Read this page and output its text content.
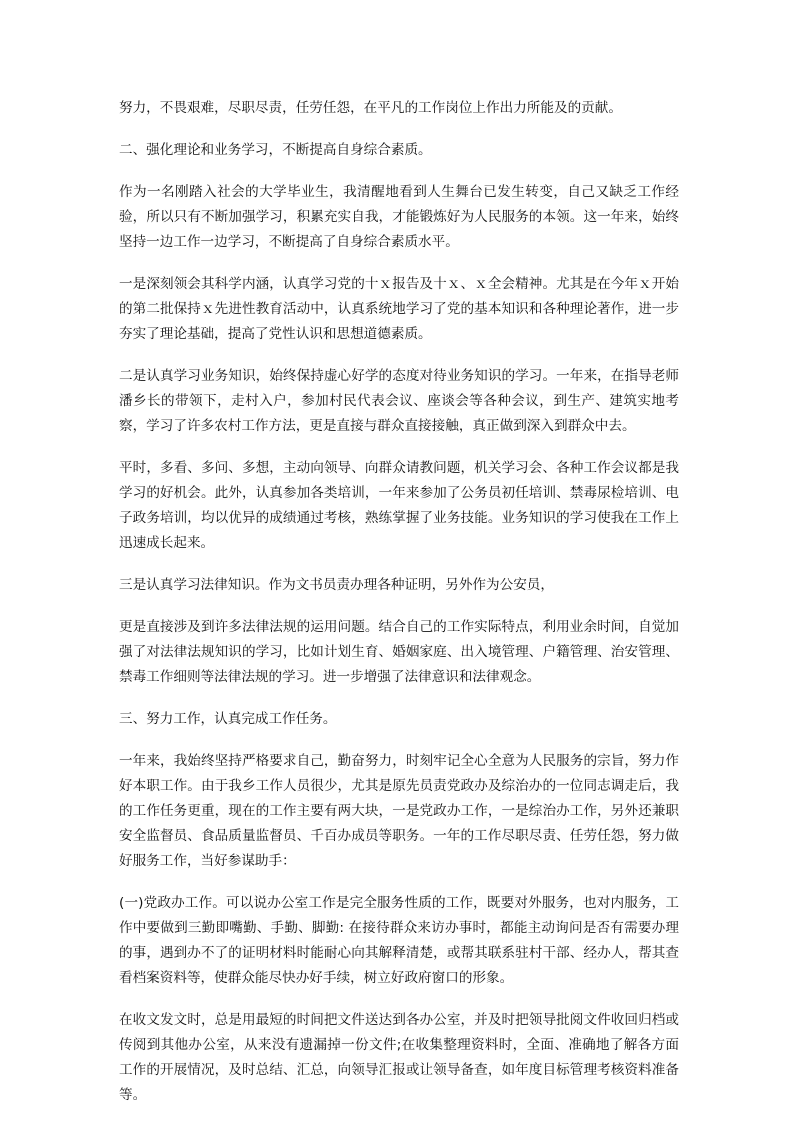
努力，不畏艰难，尽职尽责，任劳任怨，在平凡的工作岗位上作出力所能及的贡献。

二、强化理论和业务学习，不断提高自身综合素质。

作为一名刚踏入社会的大学毕业生，我清醒地看到人生舞台已发生转变，自己又缺乏工作经验，所以只有不断加强学习，积累充实自我，才能锻炼好为人民服务的本领。这一年来，始终坚持一边工作一边学习，不断提高了自身综合素质水平。

一是深刻领会其科学内涵，认真学习党的十ｘ报告及十ｘ、ｘ全会精神。尤其是在今年ｘ开始的第二批保持ｘ先进性教育活动中，认真系统地学习了党的基本知识和各种理论著作，进一步夯实了理论基础，提高了党性认识和思想道德素质。

二是认真学习业务知识，始终保持虚心好学的态度对待业务知识的学习。一年来，在指导老师潘乡长的带领下，走村入户，参加村民代表会议、座谈会等各种会议，到生产、建筑实地考察，学习了许多农村工作方法，更是直接与群众直接接触，真正做到深入到群众中去。

平时，多看、多问、多想，主动向领导、向群众请教问题，机关学习会、各种工作会议都是我学习的好机会。此外，认真参加各类培训，一年来参加了公务员初任培训、禁毒尿检培训、电子政务培训，均以优异的成绩通过考核，熟练掌握了业务技能。业务知识的学习使我在工作上迅速成长起来。

三是认真学习法律知识。作为文书员责办理各种证明，另外作为公安员，

更是直接涉及到许多法律法规的运用问题。结合自己的工作实际特点，利用业余时间，自觉加强了对法律法规知识的学习，比如计划生育、婚姻家庭、出入境管理、户籍管理、治安管理、禁毒工作细则等法律法规的学习。进一步增强了法律意识和法律观念。

三、努力工作，认真完成工作任务。

一年来，我始终坚持严格要求自己，勤奋努力，时刻牢记全心全意为人民服务的宗旨，努力作好本职工作。由于我乡工作人员很少，尤其是原先员责党政办及综治办的一位同志调走后，我的工作任务更重，现在的工作主要有两大块，一是党政办工作，一是综治办工作，另外还兼职安全监督员、食品质量监督员、千百办成员等职务。一年的工作尽职尽责、任劳任怨，努力做好服务工作，当好参谋助手：

(一)党政办工作。可以说办公室工作是完全服务性质的工作，既要对外服务，也对内服务，工作中要做到三勤即嘴勤、手勤、脚勤: 在接待群众来访办事时，都能主动询问是否有需要办理的事，遇到办不了的证明材料时能耐心向其解释清楚，或帮其联系驻村干部、经办人，帮其查看档案资料等，使群众能尽快办好手续，树立好政府窗口的形象。

在收文发文时，总是用最短的时间把文件送达到各办公室，并及时把领导批阅文件收回归档或传阅到其他办公室，从来没有遗漏掉一份文件;在收集整理资料时，全面、准确地了解各方面工作的开展情况，及时总结、汇总，向领导汇报或让领导备查，如年度目标管理考核资料准备等。
